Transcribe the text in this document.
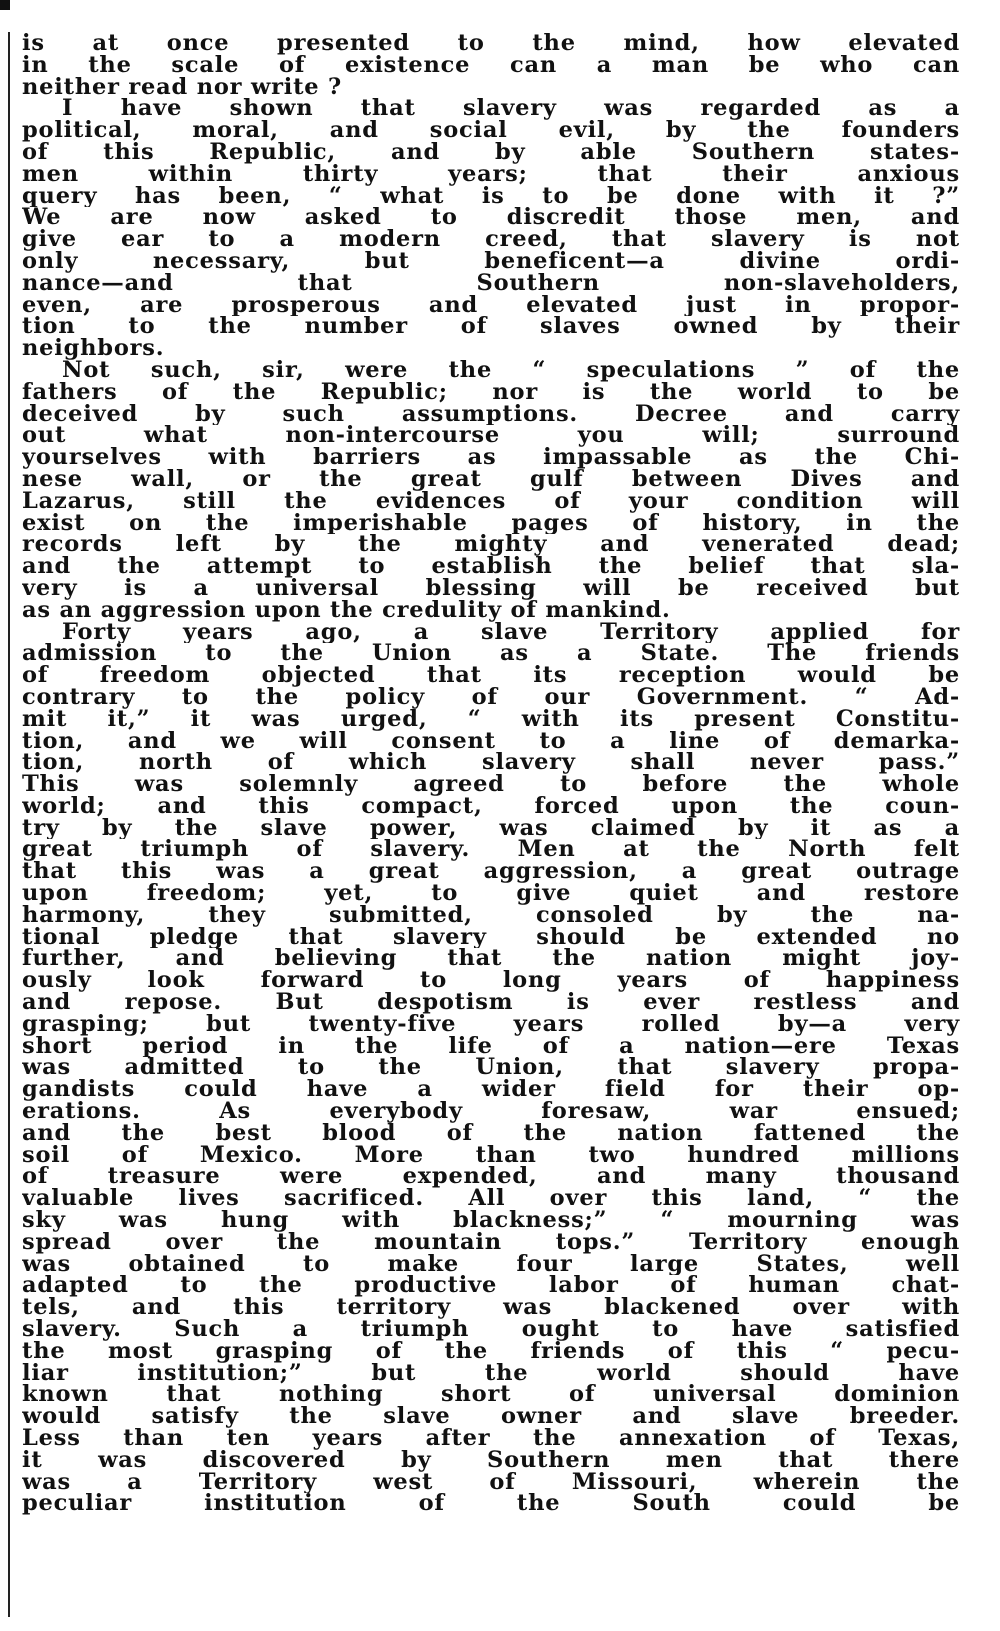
is at once presented to the mind, how elevated
in the scale of existence can a man be who can
neither read nor write ?
I have shown that slavery was regarded as a
political, moral, and social evil, by the founders
of this Republic, and by able Southern states-
men within thirty years; that their anxious
query has been, “ what is to be done with it ?”
We are now asked to discredit those men, and
give ear to a modern creed, that slavery is not
only necessary, but beneficent—a divine ordi-
nance—and that Southern non-slaveholders,
even, are prosperous and elevated just in propor-
tion to the number of slaves owned by their
neighbors.
Not such, sir, were the “ speculations ” of the
fathers of the Republic; nor is the world to be
deceived by such assumptions. Decree and carry
out what non-intercourse you will; surround
yourselves with barriers as impassable as the Chi-
nese wall, or the great gulf between Dives and
Lazarus, still the evidences of your condition will
exist on the imperishable pages of history, in the
records left by the mighty and venerated dead;
and the attempt to establish the belief that sla-
very is a universal blessing will be received but
as an aggression upon the credulity of mankind.
Forty years ago, a slave Territory applied for
admission to the Union as a State. The friends
of freedom objected that its reception would be
contrary to the policy of our Government. “ Ad-
mit it,” it was urged, “ with its present Constitu-
tion, and we will consent to a line of demarka-
tion, north of which slavery shall never pass.”
This was solemnly agreed to before the whole
world; and this compact, forced upon the coun-
try by the slave power, was claimed by it as a
great triumph of slavery. Men at the North felt
that this was a great aggression, a great outrage
upon freedom; yet, to give quiet and restore
harmony, they submitted, consoled by the na-
tional pledge that slavery should be extended no
further, and believing that the nation might joy-
ously look forward to long years of happiness
and repose. But despotism is ever restless and
grasping; but twenty-five years rolled by—a very
short period in the life of a nation—ere Texas
was admitted to the Union, that slavery propa-
gandists could have a wider field for their op-
erations. As everybody foresaw, war ensued;
and the best blood of the nation fattened the
soil of Mexico. More than two hundred millions
of treasure were expended, and many thousand
valuable lives sacrificed. All over this land, “ the
sky was hung with blackness;” “ mourning was
spread over the mountain tops.” Territory enough
was obtained to make four large States, well
adapted to the productive labor of human chat-
tels, and this territory was blackened over with
slavery. Such a triumph ought to have satisfied
the most grasping of the friends of this “ pecu-
liar institution;” but the world should have
known that nothing short of universal dominion
would satisfy the slave owner and slave breeder.
Less than ten years after the annexation of Texas,
it was discovered by Southern men that there
was a Territory west of Missouri, wherein the
peculiar institution of the South could be
